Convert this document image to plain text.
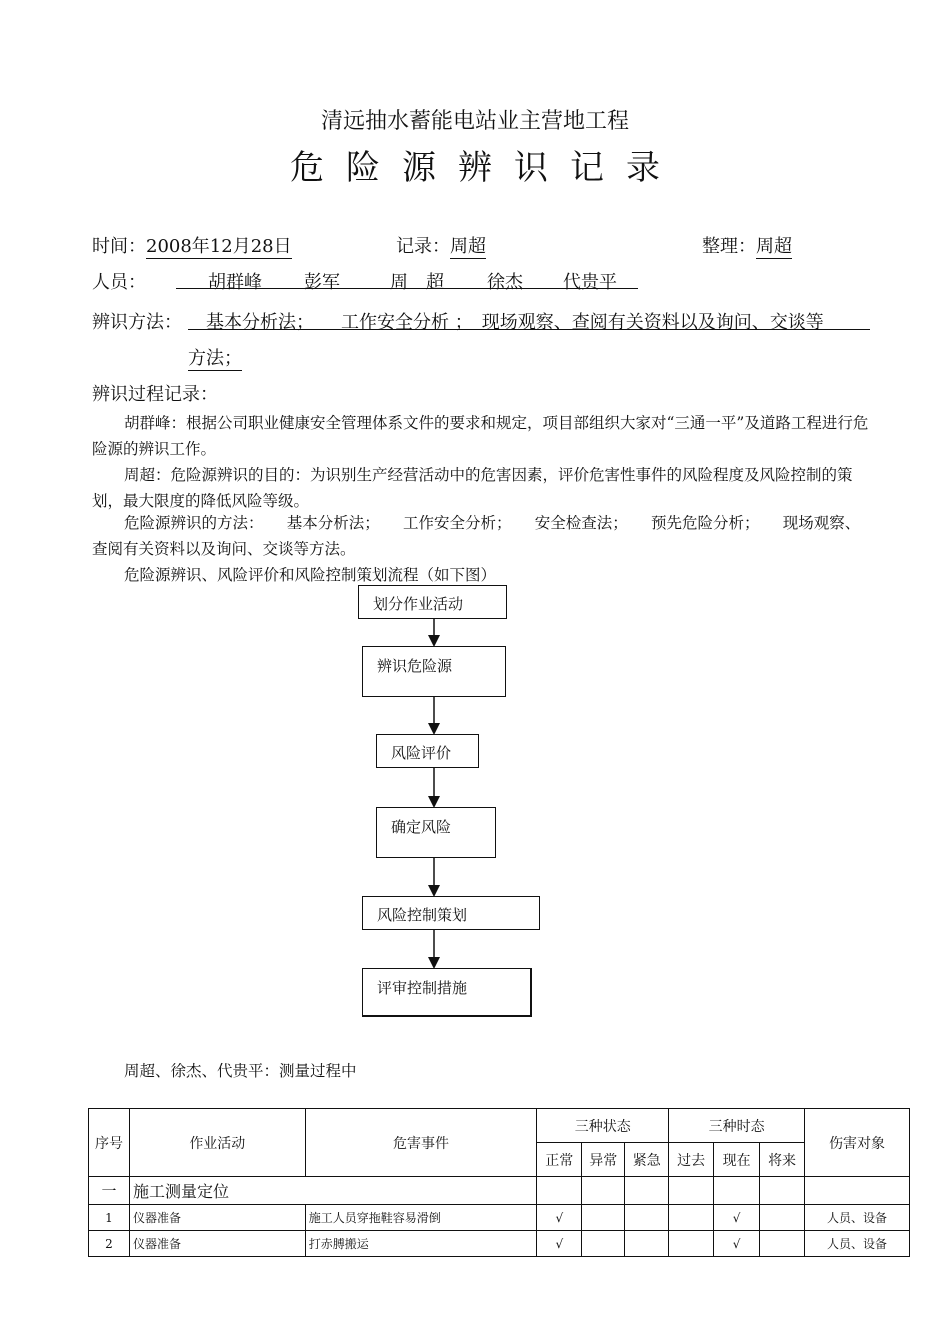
清远抽水蓄能电站业主营地工程
危险源辨识记录
时间：2008年12月28日	记录：周超	整理：周超
人员：	胡群峰 彭军	周　超 徐杰 代贵平
辨识方法： 基本分析法；　　工作安全分析 ；　现场观察、查阅有关资料以及询问、交谈等
方法；
辨识过程记录：
胡群峰：根据公司职业健康安全管理体系文件的要求和规定，项目部组织大家对“三通一平”及道路工程进行危险源的辨识工作。
周超：危险源辨识的目的：为识别生产经营活动中的危害因素，评价危害性事件的风险程度及风险控制的策划，最大限度的降低风险等级。
危险源辨识的方法：　　基本分析法；　　工作安全分析；　　安全检查法；　　预先危险分析；　　现场观察、查阅有关资料以及询问、交谈等方法。
危险源辨识、风险评价和风险控制策划流程（如下图）
划分作业活动
辨识危险源
风险评价
确定风险
风险控制策划
评审控制措施
周超、徐杰、代贵平：测量过程中
序号	作业活动	危害事件	三种状态			三种时态			伤害对象
			正常	异常	紧急	过去	现在	将来	
一	施工测量定位								
1	仪器准备	施工人员穿拖鞋容易滑倒	√				√		人员、设备
2	仪器准备	打赤膊搬运	√				√		人员、设备
